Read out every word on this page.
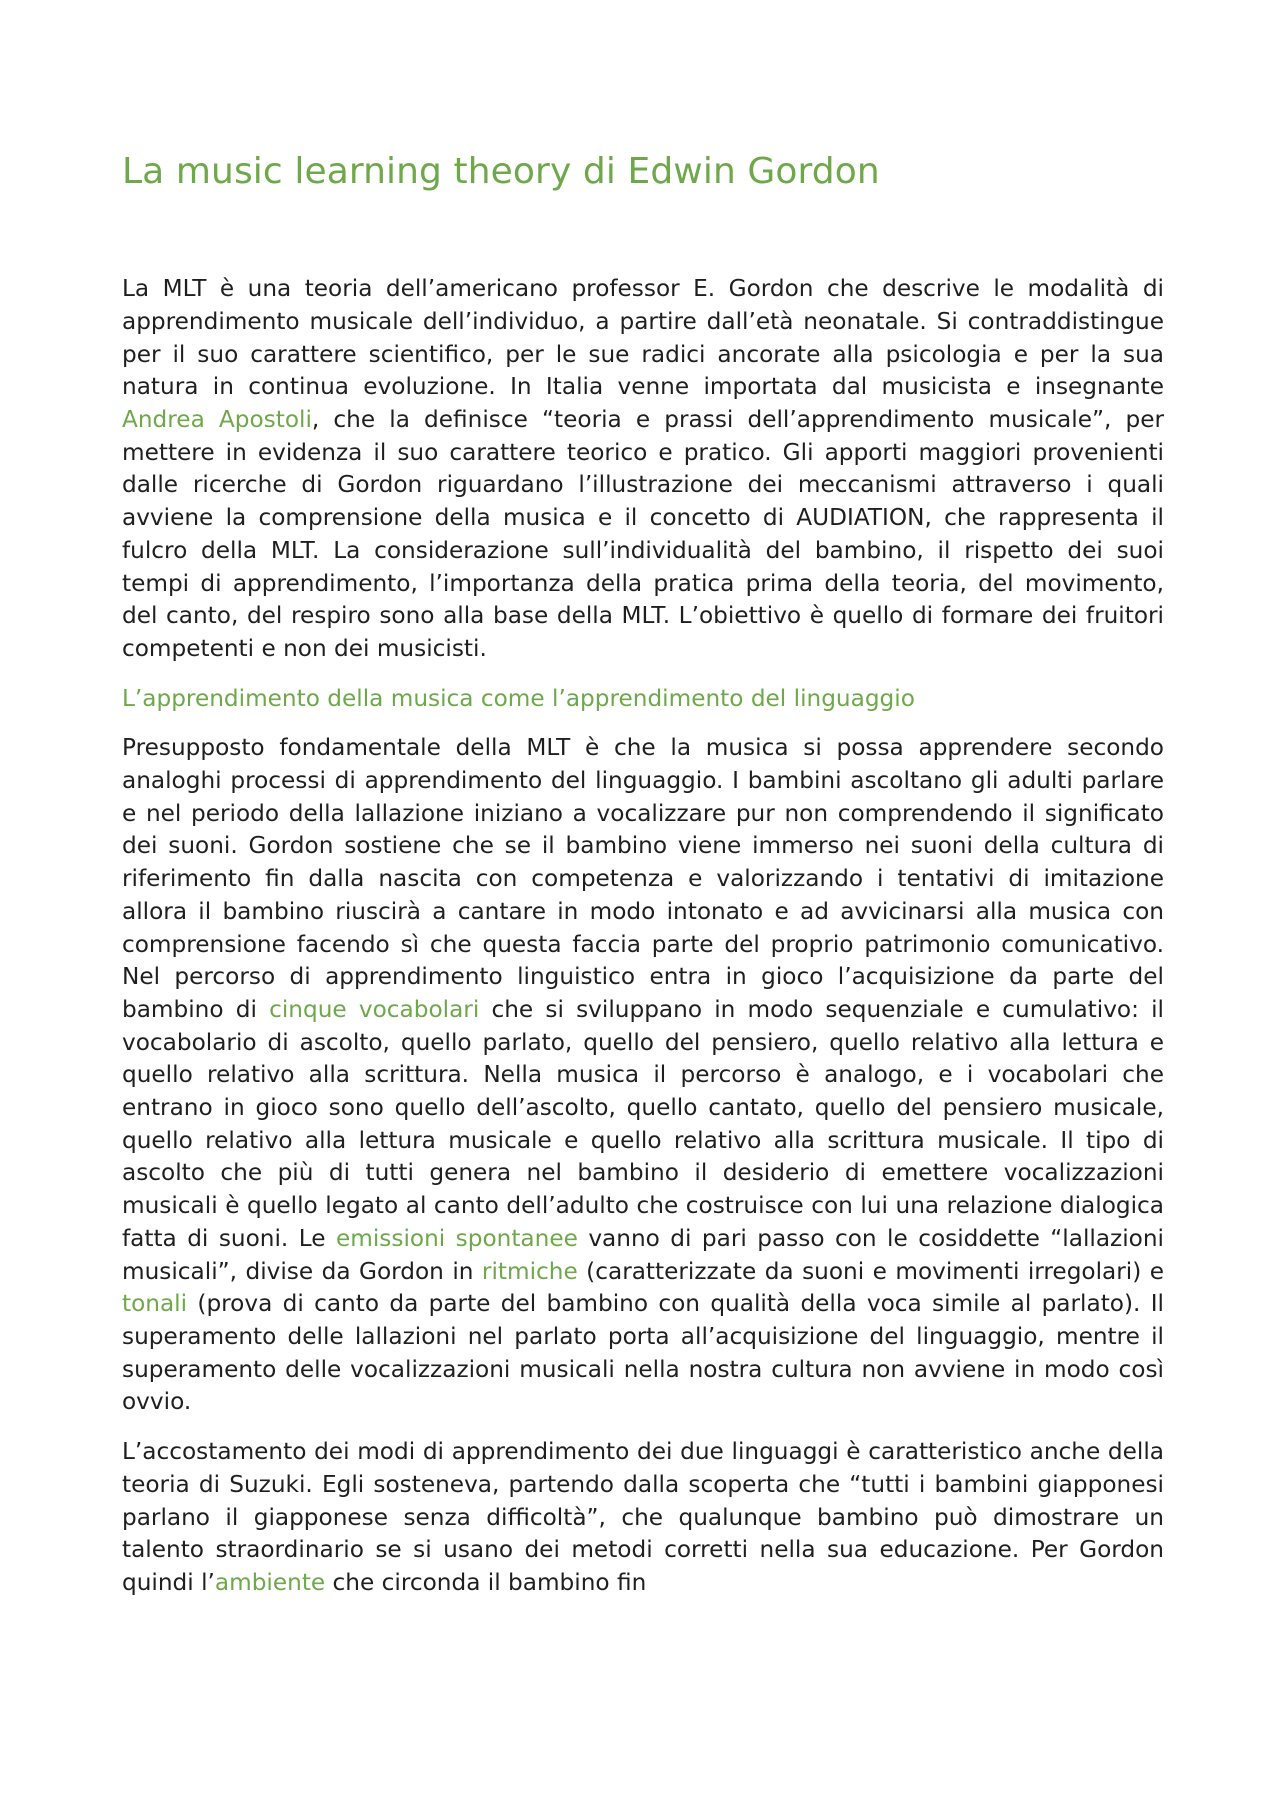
La music learning theory di Edwin Gordon

La MLT è una teoria dell’americano professor E. Gordon che descrive le modalità di apprendimento musicale dell’individuo, a partire dall’età neonatale. Si contraddistingue per il suo carattere scientifico, per le sue radici ancorate alla psicologia e per la sua natura in continua evoluzione. In Italia venne importata dal musicista e insegnante Andrea Apostoli, che la definisce “teoria e prassi dell’apprendimento musicale”, per mettere in evidenza il suo carattere teorico e pratico. Gli apporti maggiori provenienti dalle ricerche di Gordon riguardano l’illustrazione dei meccanismi attraverso i quali avviene la comprensione della musica e il concetto di AUDIATION, che rappresenta il fulcro della MLT. La considerazione sull’individualità del bambino, il rispetto dei suoi tempi di apprendimento, l’importanza della pratica prima della teoria, del movimento, del canto, del respiro sono alla base della MLT. L’obiettivo è quello di formare dei fruitori competenti e non dei musicisti.

L’apprendimento della musica come l’apprendimento del linguaggio

Presupposto fondamentale della MLT è che la musica si possa apprendere secondo analoghi processi di apprendimento del linguaggio. I bambini ascoltano gli adulti parlare e nel periodo della lallazione iniziano a vocalizzare pur non comprendendo il significato dei suoni. Gordon sostiene che se il bambino viene immerso nei suoni della cultura di riferimento fin dalla nascita con competenza e valorizzando i tentativi di imitazione allora il bambino riuscirà a cantare in modo intonato e ad avvicinarsi alla musica con comprensione facendo sì che questa faccia parte del proprio patrimonio comunicativo. Nel percorso di apprendimento linguistico entra in gioco l’acquisizione da parte del bambino di cinque vocabolari che si sviluppano in modo sequenziale e cumulativo: il vocabolario di ascolto, quello parlato, quello del pensiero, quello relativo alla lettura e quello relativo alla scrittura. Nella musica il percorso è analogo, e i vocabolari che entrano in gioco sono quello dell’ascolto, quello cantato, quello del pensiero musicale, quello relativo alla lettura musicale e quello relativo alla scrittura musicale. Il tipo di ascolto che più di tutti genera nel bambino il desiderio di emettere vocalizzazioni musicali è quello legato al canto dell’adulto che costruisce con lui una relazione dialogica fatta di suoni. Le emissioni spontanee vanno di pari passo con le cosiddette “lallazioni musicali”, divise da Gordon in ritmiche (caratterizzate da suoni e movimenti irregolari) e tonali (prova di canto da parte del bambino con qualità della voca simile al parlato). Il superamento delle lallazioni nel parlato porta all’acquisizione del linguaggio, mentre il superamento delle vocalizzazioni musicali nella nostra cultura non avviene in modo così ovvio.

L’accostamento dei modi di apprendimento dei due linguaggi è caratteristico anche della teoria di Suzuki. Egli sosteneva, partendo dalla scoperta che “tutti i bambini giapponesi parlano il giapponese senza difficoltà”, che qualunque bambino può dimostrare un talento straordinario se si usano dei metodi corretti nella sua educazione. Per Gordon quindi l’ambiente che circonda il bambino fin
